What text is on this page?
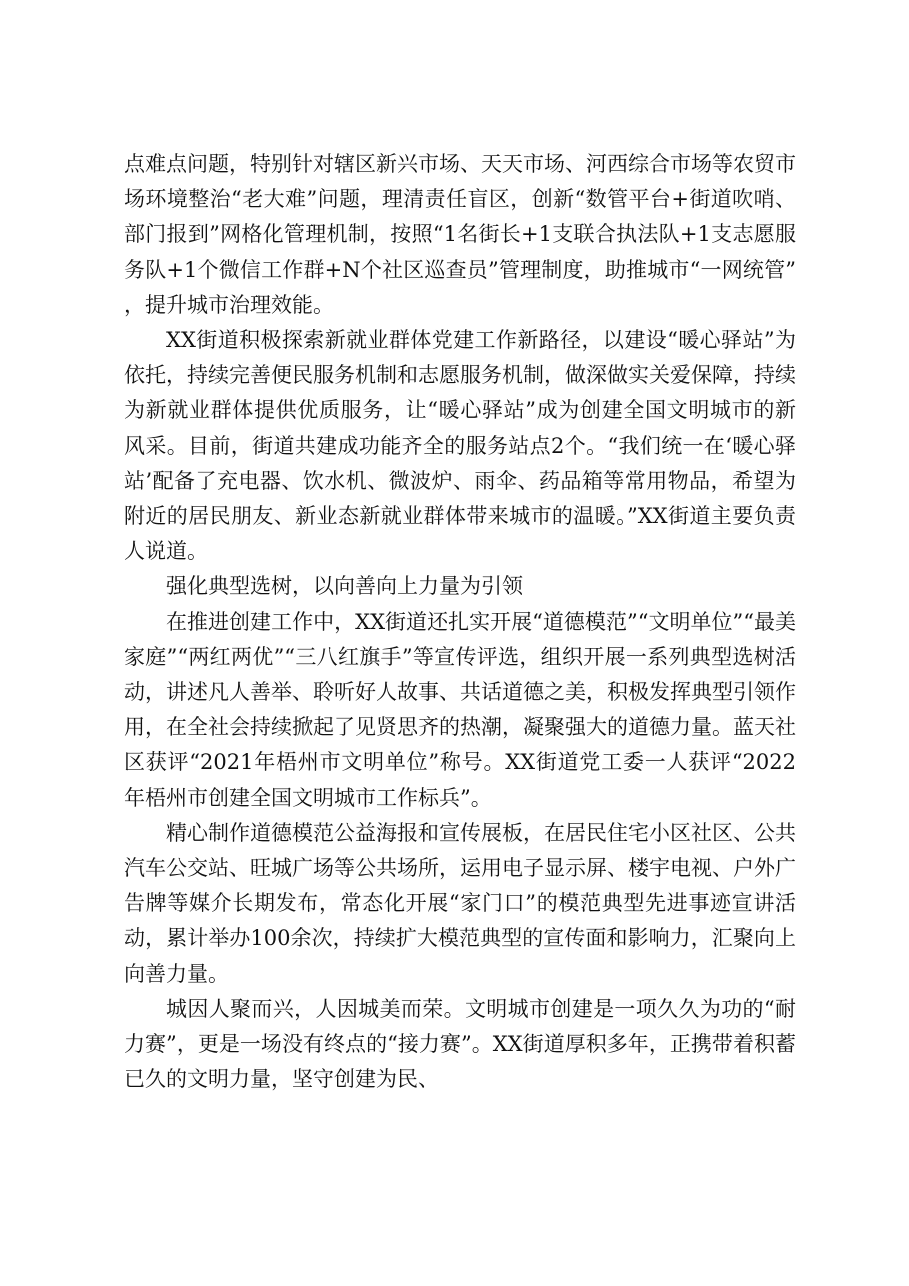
点难点问题，特别针对辖区新兴市场、天天市场、河西综合市场等农贸市场环境整治“老大难”问题，理清责任盲区，创新“数管平台+街道吹哨、部门报到”网格化管理机制，按照“1名街长+1支联合执法队+1支志愿服务队+1个微信工作群+N个社区巡查员”管理制度，助推城市“一网统管”，提升城市治理效能。

XX街道积极探索新就业群体党建工作新路径，以建设“暖心驿站”为依托，持续完善便民服务机制和志愿服务机制，做深做实关爱保障，持续为新就业群体提供优质服务，让“暖心驿站”成为创建全国文明城市的新风采。目前，街道共建成功能齐全的服务站点2个。“我们统一在‘暖心驿站’配备了充电器、饮水机、微波炉、雨伞、药品箱等常用物品，希望为附近的居民朋友、新业态新就业群体带来城市的温暖。”XX街道主要负责人说道。

强化典型选树，以向善向上力量为引领

在推进创建工作中，XX街道还扎实开展“道德模范”“文明单位”“最美家庭”“两红两优”“三八红旗手”等宣传评选，组织开展一系列典型选树活动，讲述凡人善举、聆听好人故事、共话道德之美，积极发挥典型引领作用，在全社会持续掀起了见贤思齐的热潮，凝聚强大的道德力量。蓝天社区获评“2021年梧州市文明单位”称号。XX街道党工委一人获评“2022年梧州市创建全国文明城市工作标兵”。

精心制作道德模范公益海报和宣传展板，在居民住宅小区社区、公共汽车公交站、旺城广场等公共场所，运用电子显示屏、楼宇电视、户外广告牌等媒介长期发布，常态化开展“家门口”的模范典型先进事迹宣讲活动，累计举办100余次，持续扩大模范典型的宣传面和影响力，汇聚向上向善力量。

城因人聚而兴，人因城美而荣。文明城市创建是一项久久为功的“耐力赛”，更是一场没有终点的“接力赛”。XX街道厚积多年，正携带着积蓄已久的文明力量，坚守创建为民、
